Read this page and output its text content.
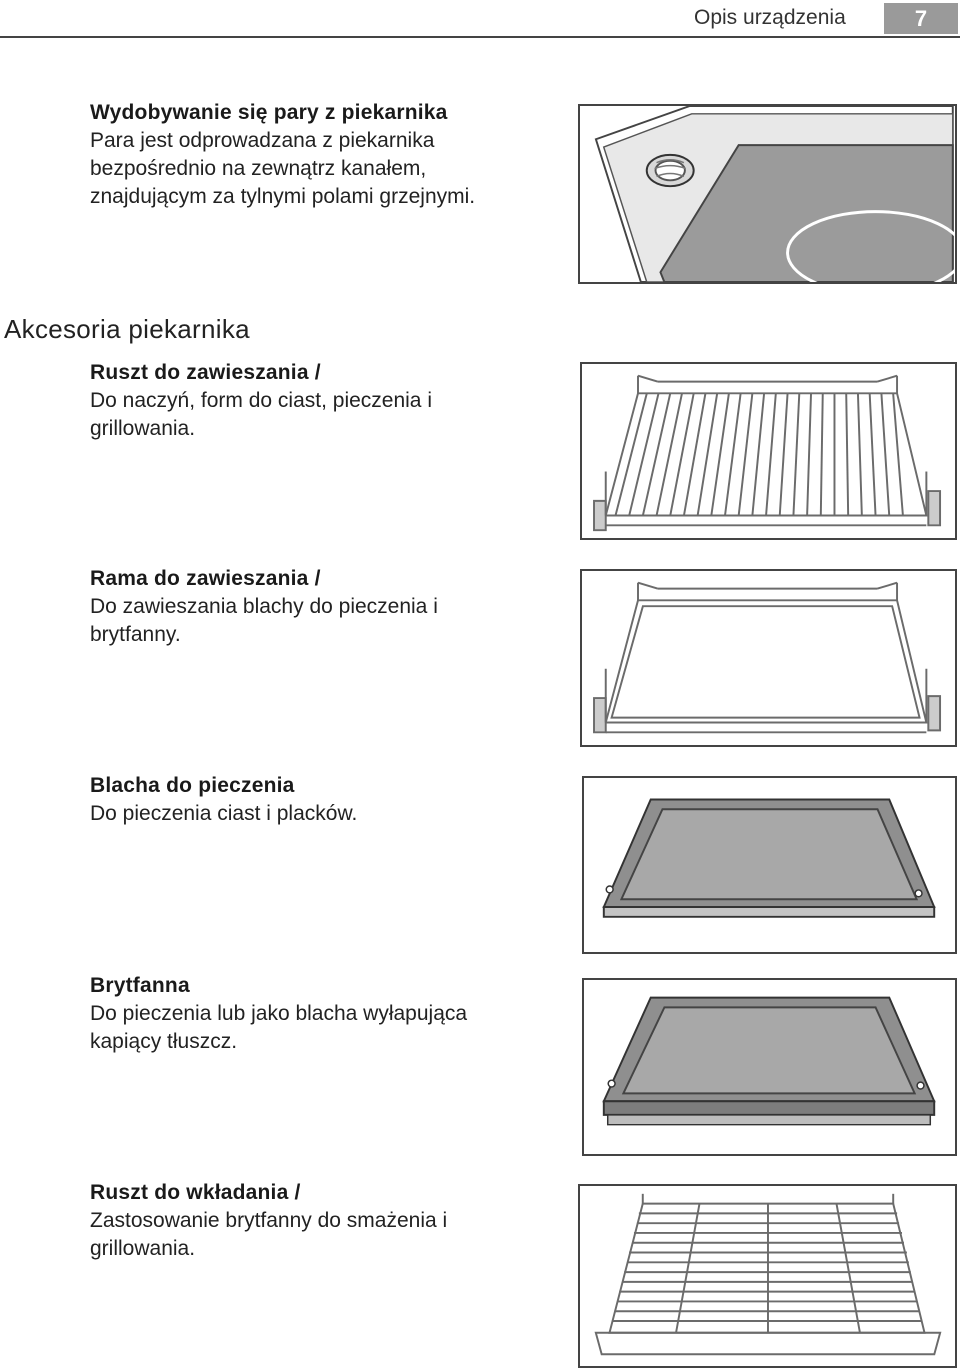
Opis urządzenia	7
Wydobywanie się pary z piekarnika
Para jest odprowadzana z piekarnika
bezpośrednio na zewnątrz kanałem,
znajdującym za tylnymi polami grzejnymi.
Akcesoria piekarnika
Ruszt do zawieszania /
Do naczyń, form do ciast, pieczenia i
grillowania.
Rama do zawieszania /
Do zawieszania blachy do pieczenia i
brytfanny.
Blacha do pieczenia
Do pieczenia ciast i placków.
Brytfanna
Do pieczenia lub jako blacha wyłapująca
kapiący tłuszcz.
Ruszt do wkładania /
Zastosowanie brytfanny do smażenia i
grillowania.
